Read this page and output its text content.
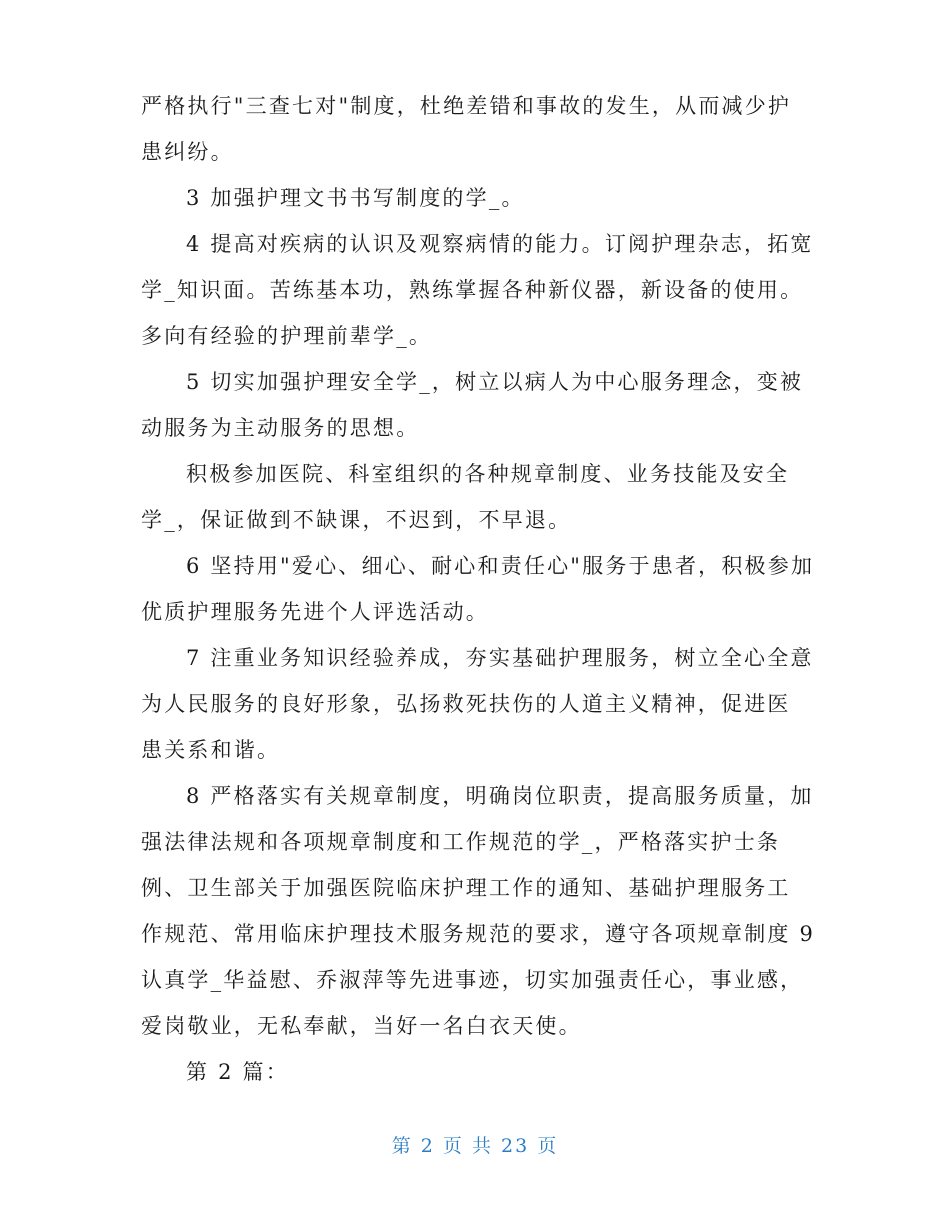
严格执行"三查七对"制度，杜绝差错和事故的发生，从而减少护
患纠纷。
3 加强护理文书书写制度的学_。
4 提高对疾病的认识及观察病情的能力。订阅护理杂志，拓宽
学_知识面。苦练基本功，熟练掌握各种新仪器，新设备的使用。
多向有经验的护理前辈学_。
5 切实加强护理安全学_，树立以病人为中心服务理念，变被
动服务为主动服务的思想。
积极参加医院、科室组织的各种规章制度、业务技能及安全
学_，保证做到不缺课，不迟到，不早退。
6 坚持用"爱心、细心、耐心和责任心"服务于患者，积极参加
优质护理服务先进个人评选活动。
7 注重业务知识经验养成，夯实基础护理服务，树立全心全意
为人民服务的良好形象，弘扬救死扶伤的人道主义精神，促进医
患关系和谐。
8 严格落实有关规章制度，明确岗位职责，提高服务质量，加
强法律法规和各项规章制度和工作规范的学_，严格落实护士条
例、卫生部关于加强医院临床护理工作的通知、基础护理服务工
作规范、常用临床护理技术服务规范的要求，遵守各项规章制度 9
认真学_华益慰、乔淑萍等先进事迹，切实加强责任心，事业感，
爱岗敬业，无私奉献，当好一名白衣天使。
第 2 篇：
第 2 页 共 23 页
